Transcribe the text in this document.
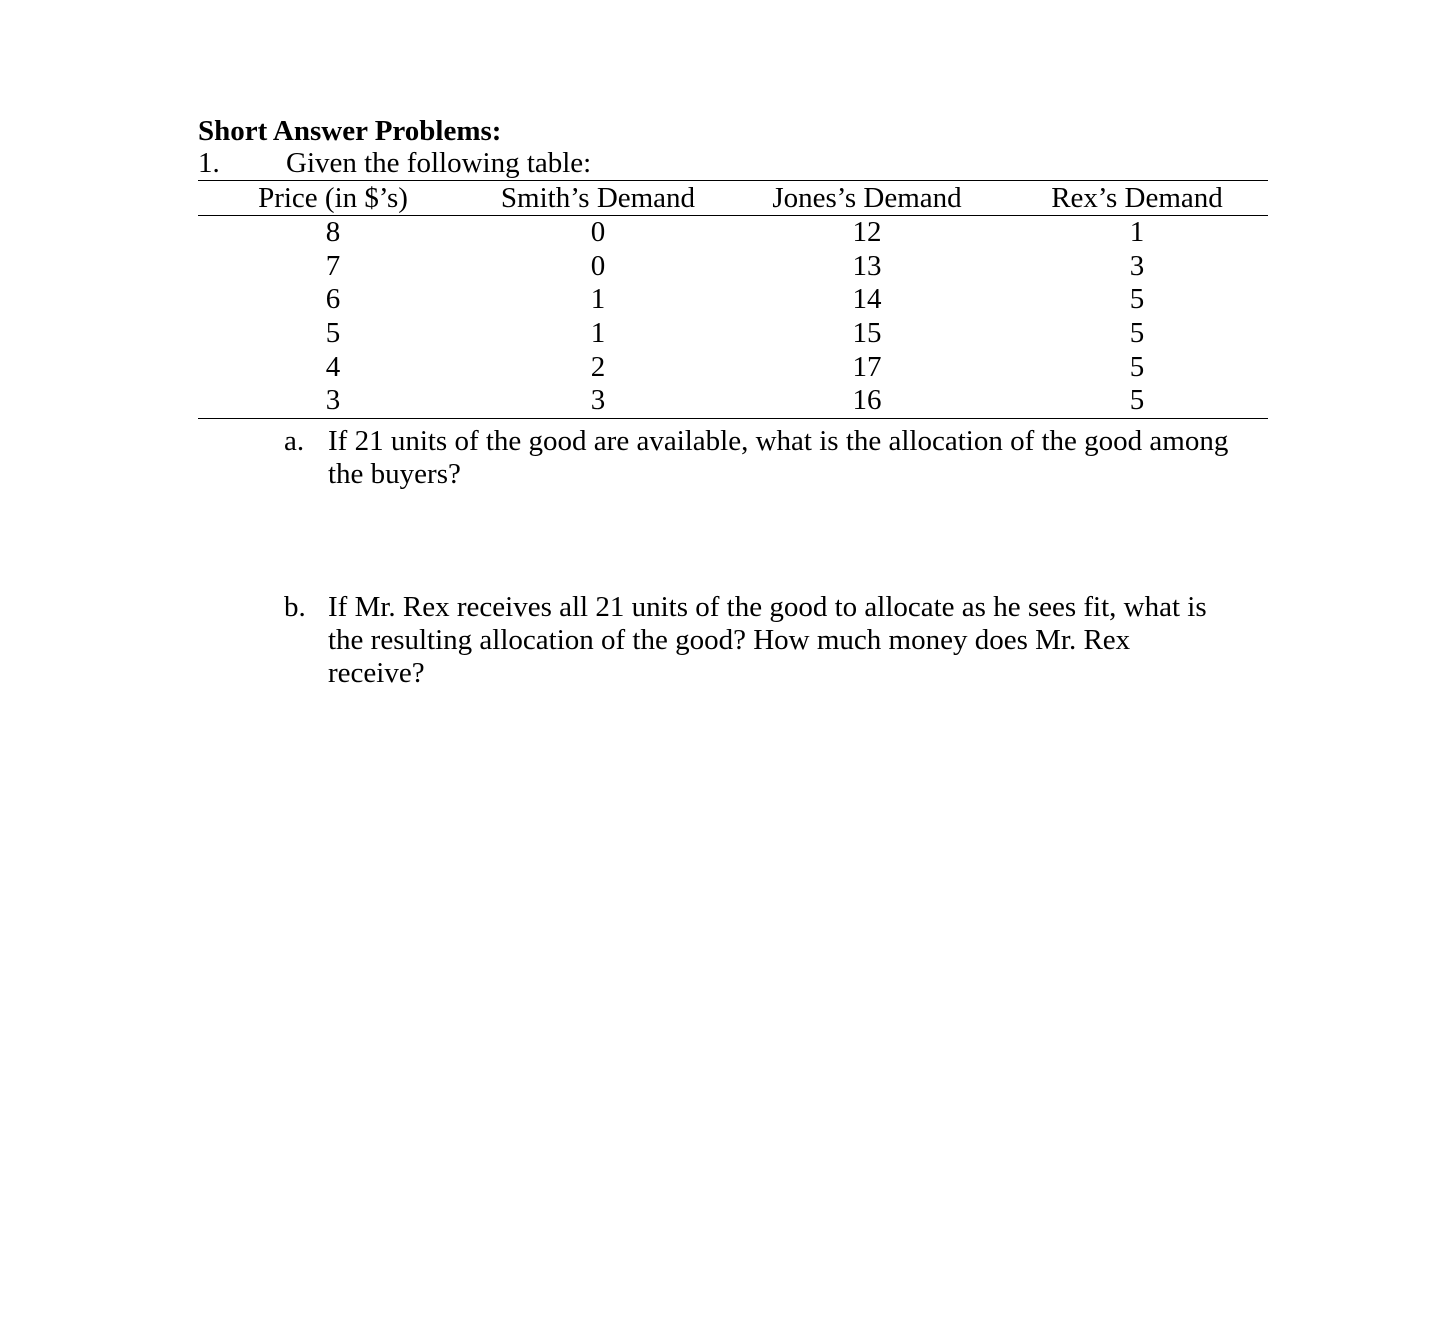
Short Answer Problems:
1. Given the following table:
Price (in $’s)	Smith’s Demand	Jones’s Demand	Rex’s Demand
8	0	12	1
7	0	13	3
6	1	14	5
5	1	15	5
4	2	17	5
3	3	16	5
a. If 21 units of the good are available, what is the allocation of the good among
the buyers?
b. If Mr. Rex receives all 21 units of the good to allocate as he sees fit, what is
the resulting allocation of the good? How much money does Mr. Rex
receive?
